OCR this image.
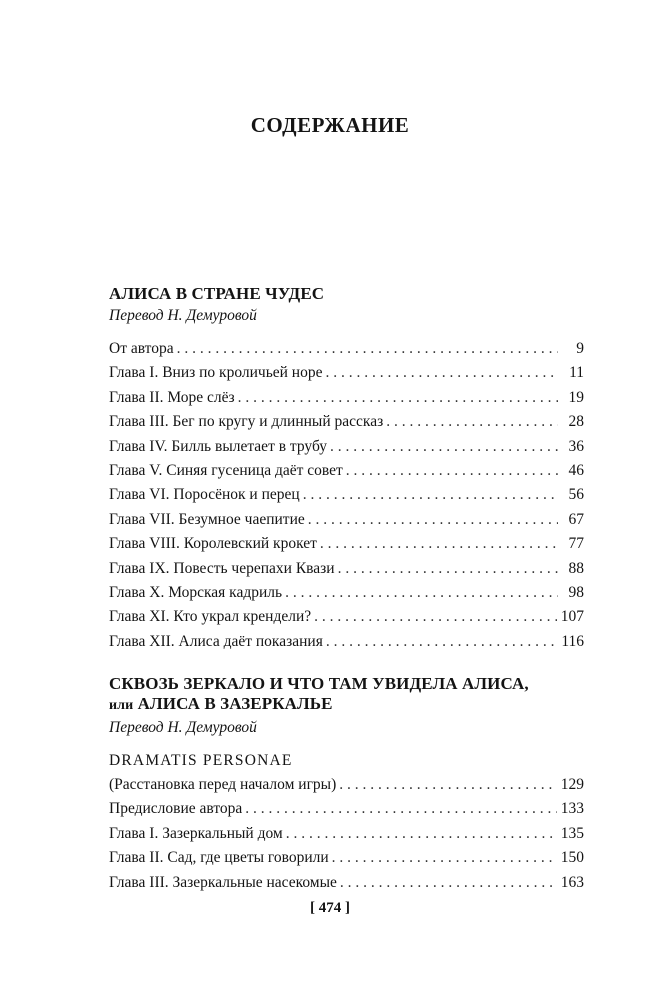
СОДЕРЖАНИЕ
АЛИСА В СТРАНЕ ЧУДЕС
Перевод Н. Демуровой
От автора . . .	9
Глава I. Вниз по кроличьей норе . . .	11
Глава II. Море слёз . . .	19
Глава III. Бег по кругу и длинный рассказ . . .	28
Глава IV. Билль вылетает в трубу . . .	36
Глава V. Синяя гусеница даёт совет . . .	46
Глава VI. Поросёнок и перец . . .	56
Глава VII. Безумное чаепитие . . .	67
Глава VIII. Королевский крокет . . .	77
Глава IX. Повесть черепахи Квази . . .	88
Глава X. Морская кадриль . . .	98
Глава XI. Кто украл крендели? . . .	107
Глава XII. Алиса даёт показания . . .	116
СКВОЗЬ ЗЕРКАЛО И ЧТО ТАМ УВИДЕЛА АЛИСА,
или АЛИСА В ЗАЗЕРКАЛЬЕ
Перевод Н. Демуровой
DRAMATIS PERSONAE
(Расстановка перед началом игры) . . .	129
Предисловие автора . . .	133
Глава I. Зазеркальный дом . . .	135
Глава II. Сад, где цветы говорили . . .	150
Глава III. Зазеркальные насекомые . . .	163
[ 474 ]
